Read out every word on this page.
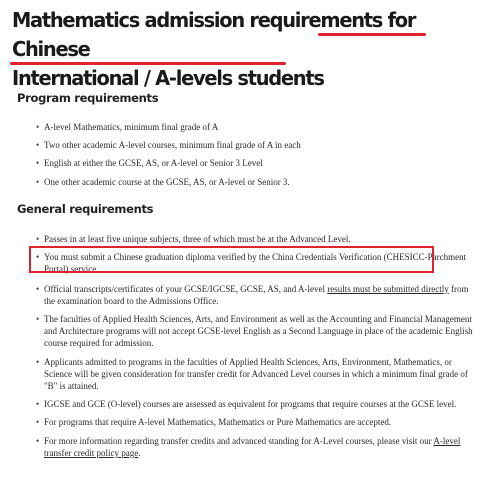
Mathematics admission requirements for Chinese
International / A-levels students
Program requirements
• A-level Mathematics, minimum final grade of A
• Two other academic A-level courses, minimum final grade of A in each
• English at either the GCSE, AS, or A-level or Senior 3 Level
• One other academic course at the GCSE, AS, or A-level or Senior 3.
General requirements
• Passes in at least five unique subjects, three of which must be at the Advanced Level.
• You must submit a Chinese graduation diploma verified by the China Credentials Verification (CHESICC-Parchment Portal) service.
• Official transcripts/certificates of your GCSE/IGCSE, GCSE, AS, and A-level results must be submitted directly from the examination board to the Admissions Office.
• The faculties of Applied Health Sciences, Arts, and Environment as well as the Accounting and Financial Management and Architecture programs will not accept GCSE-level English as a Second Language in place of the academic English course required for admission.
• Applicants admitted to programs in the faculties of Applied Health Sciences, Arts, Environment, Mathematics, or Science will be given consideration for transfer credit for Advanced Level courses in which a minimum final grade of "B" is attained.
• IGCSE and GCE (O-level) courses are assessed as equivalent for programs that require courses at the GCSE level.
• For programs that require A-level Mathematics, Mathematics or Pure Mathematics are accepted.
• For more information regarding transfer credits and advanced standing for A-Level courses, please visit our A-level transfer credit policy page.
